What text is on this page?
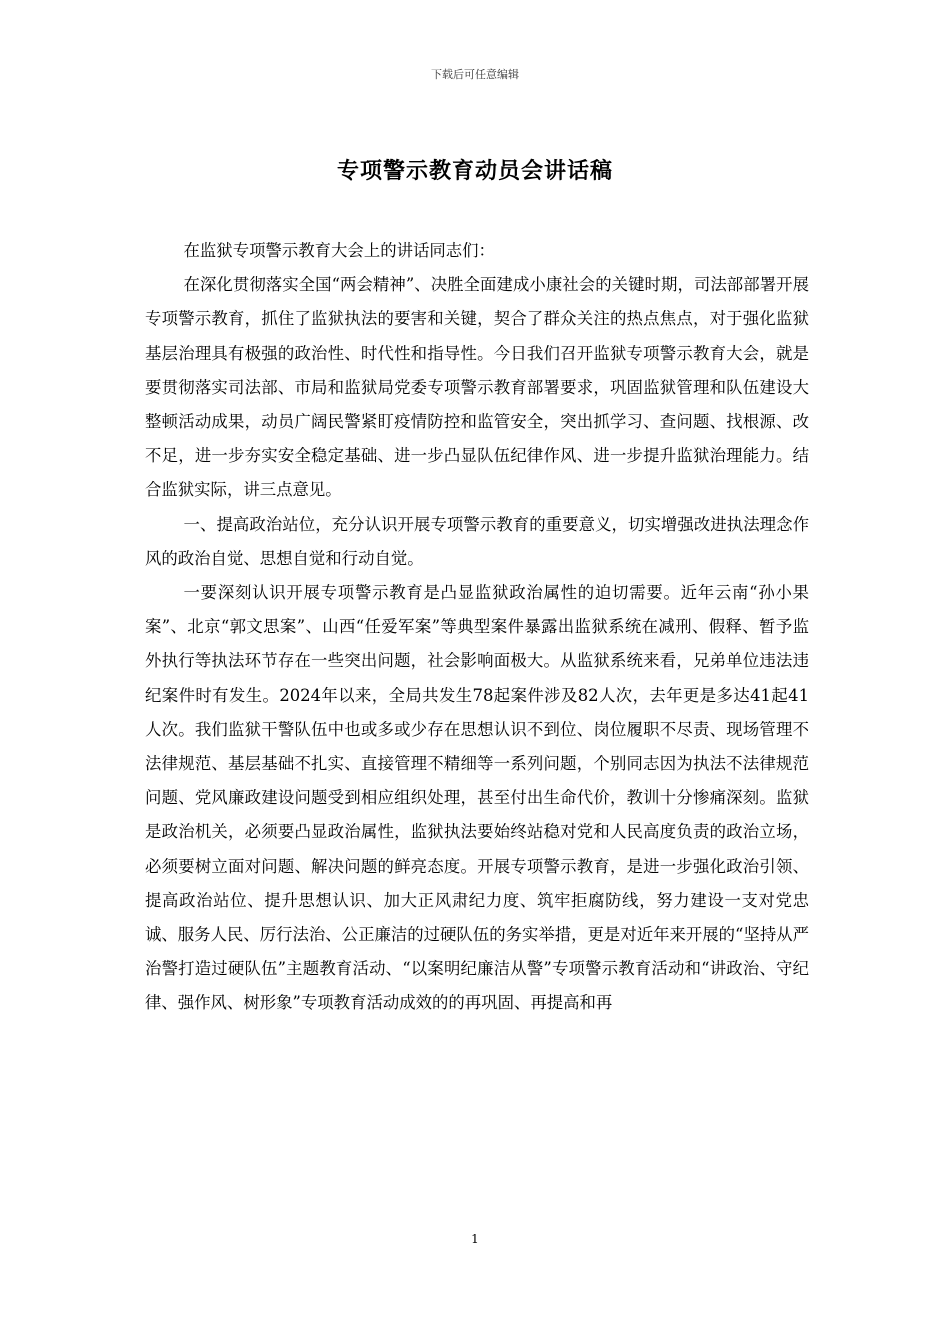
下载后可任意编辑
专项警示教育动员会讲话稿

在监狱专项警示教育大会上的讲话同志们：

在深化贯彻落实全国“两会精神”、决胜全面建成小康社会的关键时期，司法部部署开展专项警示教育，抓住了监狱执法的要害和关键，契合了群众关注的热点焦点，对于强化监狱基层治理具有极强的政治性、时代性和指导性。今日我们召开监狱专项警示教育大会，就是要贯彻落实司法部、市局和监狱局党委专项警示教育部署要求，巩固监狱管理和队伍建设大整顿活动成果，动员广阔民警紧盯疫情防控和监管安全，突出抓学习、查问题、找根源、改不足，进一步夯实安全稳定基础、进一步凸显队伍纪律作风、进一步提升监狱治理能力。结合监狱实际，讲三点意见。

一、提高政治站位，充分认识开展专项警示教育的重要意义，切实增强改进执法理念作风的政治自觉、思想自觉和行动自觉。

一要深刻认识开展专项警示教育是凸显监狱政治属性的迫切需要。近年云南“孙小果案”、北京“郭文思案”、山西“任爱军案”等典型案件暴露出监狱系统在减刑、假释、暂予监外执行等执法环节存在一些突出问题，社会影响面极大。从监狱系统来看，兄弟单位违法违纪案件时有发生。2024年以来，全局共发生78起案件涉及82人次，去年更是多达41起41人次。我们监狱干警队伍中也或多或少存在思想认识不到位、岗位履职不尽责、现场管理不法律规范、基层基础不扎实、直接管理不精细等一系列问题，个别同志因为执法不法律规范问题、党风廉政建设问题受到相应组织处理，甚至付出生命代价，教训十分惨痛深刻。监狱是政治机关，必须要凸显政治属性，监狱执法要始终站稳对党和人民高度负责的政治立场，必须要树立面对问题、解决问题的鲜亮态度。开展专项警示教育，是进一步强化政治引领、提高政治站位、提升思想认识、加大正风肃纪力度、筑牢拒腐防线，努力建设一支对党忠诚、服务人民、厉行法治、公正廉洁的过硬队伍的务实举措，更是对近年来开展的“坚持从严治警打造过硬队伍”主题教育活动、“以案明纪廉洁从警”专项警示教育活动和“讲政治、守纪律、强作风、树形象”专项教育活动成效的的再巩固、再提高和再

1
